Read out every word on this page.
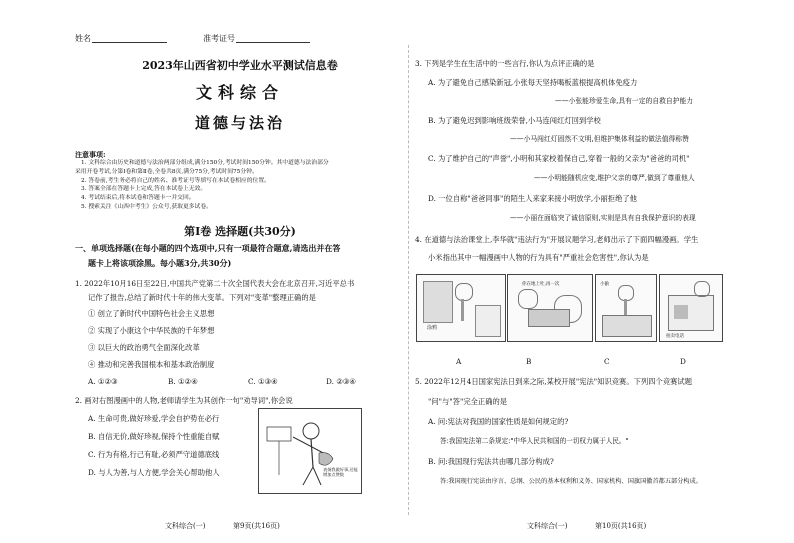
姓名	准考证号
2023年山西省初中学业水平测试信息卷
文科综合
道德与法治
注意事项:
1. 文科综合由历史和道德与法治两部分组成,满分150分,考试时间150分钟。其中道德与法治部分
采用开卷考试,分第Ⅰ卷和第Ⅱ卷,全卷共8页,满分75分,考试时间75分钟。
2. 答卷前,考生务必将自己的姓名、准考证号等填写在本试卷相应的位置。
3. 答案全部在答题卡上完成,答在本试卷上无效。
4. 考试结束后,将本试卷和答题卡一并交回。
5. 搜索关注《山西中考生》公众号,获取更多试卷。
第Ⅰ卷 选择题(共30分)
一、单项选择题(在每小题的四个选项中,只有一项最符合题意,请选出并在答
题卡上将该项涂黑。每小题3分,共30分)
1. 2022年10月16日至22日,中国共产党第二十次全国代表大会在北京召开,习近平总书
记作了报告,总结了新时代十年的伟大变革。下列对"变革"整理正确的是
① 创立了新时代中国特色社会主义思想
② 实现了小康这个中华民族的千年梦想
③ 以巨大的政治勇气全面深化改革
④ 推动和完善我国根本和基本政治制度
A. ①②③	B. ①②④	C. ①③④	D. ②③④
2. 画对右图漫画中的人物,老师请学生为其创作一句"劝导词",你会说
A. 生命可贵,做好珍爱,学会自护势在必行
B. 自信无价,做好珍视,保持个性重能自赋
C. 行为有格,行己有耻,必须严守道德底线
D. 与人为善,与人方便,学会关心帮助他人	表扬我做好事,还能增加点赞数
文科综合(一)	第9页(共16页)
3. 下列是学生在生活中的一些言行,你认为点评正确的是
A. 为了避免自己感染新冠,小张每天坚持喝板蓝根提高机体免疫力
——小张能珍爱生命,具有一定的自救自护能力
B. 为了避免迟到影响班级荣誉,小马连闯红灯回到学校
——小马闯红灯固然不文明,但维护集体利益的做法值得称赞
C. 为了维护自己的"声誉",小明和其家校着保自己,穿着一般的父亲为"爸爸的司机"
——小明能随机应变,维护父亲的尊严,做到了尊重他人
D. 一位自称"爸爸同事"的陌生人来家来接小明放学,小丽拒绝了他
——小丽在面临突了诚信原则,实则是具有自我保护意识的表现
4. 在道德与法治课堂上,李华就"违法行为"开展议题学习,老师出示了下面四幅漫画。学生
小米指出其中一幅漫画中人物的行为具有"严重社会危害性",你认为是
涂鸦
你在地上吐,再一次	小偷
拍卖电话
A	B	C	D
5. 2022年12月4日国家宪法日到来之际,某校开展"宪法"知识竞赛。下列四个竞赛试题
"问"与"答"完全正确的是
A. 问:宪法对我国的国家性质是如何规定的?
答:我国宪法第二条规定:"中华人民共和国的一切权力属于人民。"
B. 问:我国现行宪法共由哪几部分构成?
答:我国现行宪法由序言、总纲、公民的基本权利和义务、国家机构、国旗国徽首都五部分构成。
文科综合(一)	第10页(共16页)
